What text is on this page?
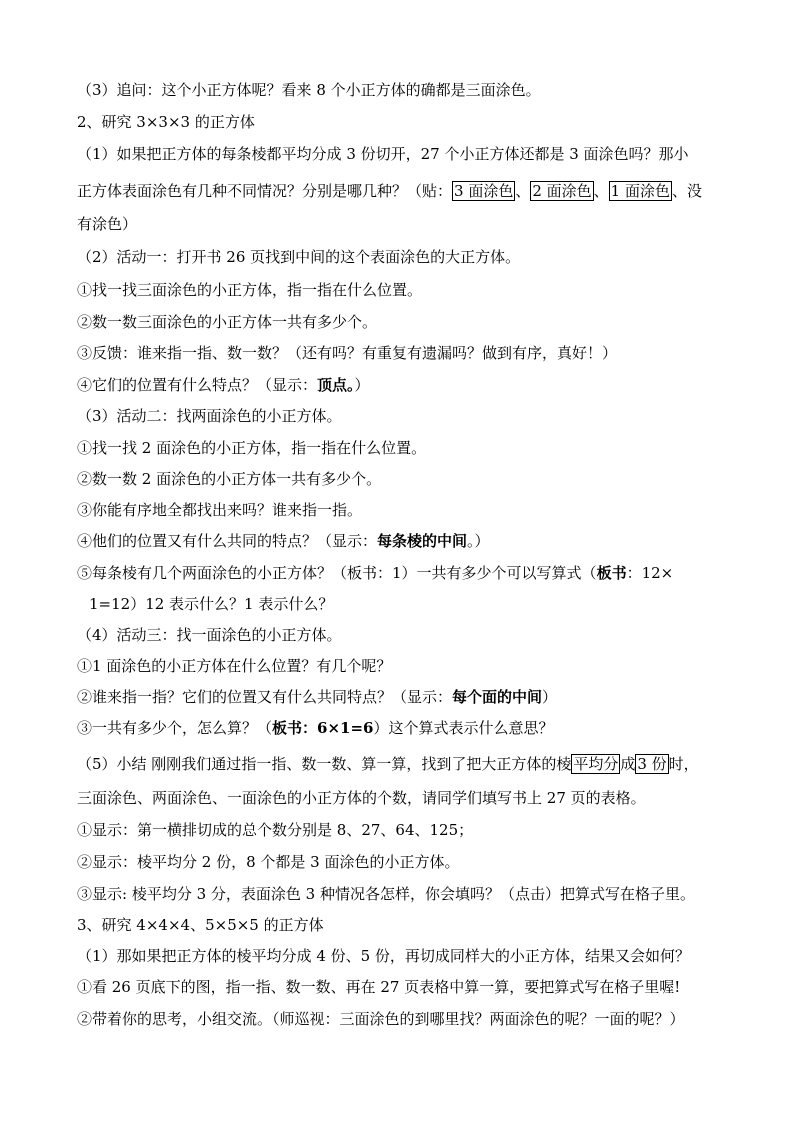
（3）追问：这个小正方体呢？看来 8 个小正方体的确都是三面涂色。
2、研究 3×3×3 的正方体
（1）如果把正方体的每条棱都平均分成 3 份切开，27 个小正方体还都是 3 面涂色吗？那小
正方体表面涂色有几种不同情况？分别是哪几种？（贴： 3 面涂色 、 2 面涂色 、 1 面涂色 、没
有涂色）
（2）活动一：打开书 26 页找到中间的这个表面涂色的大正方体。
①找一找三面涂色的小正方体，指一指在什么位置。
②数一数三面涂色的小正方体一共有多少个。
③反馈：谁来指一指、数一数？（还有吗？有重复有遗漏吗？做到有序，真好！）
④它们的位置有什么特点？（显示：顶点。）
（3）活动二：找两面涂色的小正方体。
①找一找 2 面涂色的小正方体，指一指在什么位置。
②数一数 2 面涂色的小正方体一共有多少个。
③你能有序地全都找出来吗？谁来指一指。
④他们的位置又有什么共同的特点？（显示：每条棱的中间。）
⑤每条棱有几个两面涂色的小正方体？（板书：1）一共有多少个可以写算式（板书：12×
1=12）12 表示什么？1 表示什么？
（4）活动三：找一面涂色的小正方体。
①1 面涂色的小正方体在什么位置？有几个呢？
②谁来指一指？它们的位置又有什么共同特点？（显示：每个面的中间）
③一共有多少个，怎么算？（板书：6×1=6）这个算式表示什么意思？
（5）小结 刚刚我们通过指一指、数一数、算一算，找到了把大正方体的棱 平均分 成 3 份 时，
三面涂色、两面涂色、一面涂色的小正方体的个数，请同学们填写书上 27 页的表格。
①显示：第一横排切成的总个数分别是 8、27、64、125；
②显示：棱平均分 2 份，8 个都是 3 面涂色的小正方体。
③显示: 棱平均分 3 分，表面涂色 3 种情况各怎样，你会填吗？（点击）把算式写在格子里。
3、研究 4×4×4、5×5×5 的正方体
（1）那如果把正方体的棱平均分成 4 份、5 份，再切成同样大的小正方体，结果又会如何？
①看 26 页底下的图，指一指、数一数、再在 27 页表格中算一算，要把算式写在格子里喔!
②带着你的思考，小组交流。（师巡视：三面涂色的到哪里找？两面涂色的呢？一面的呢？）
